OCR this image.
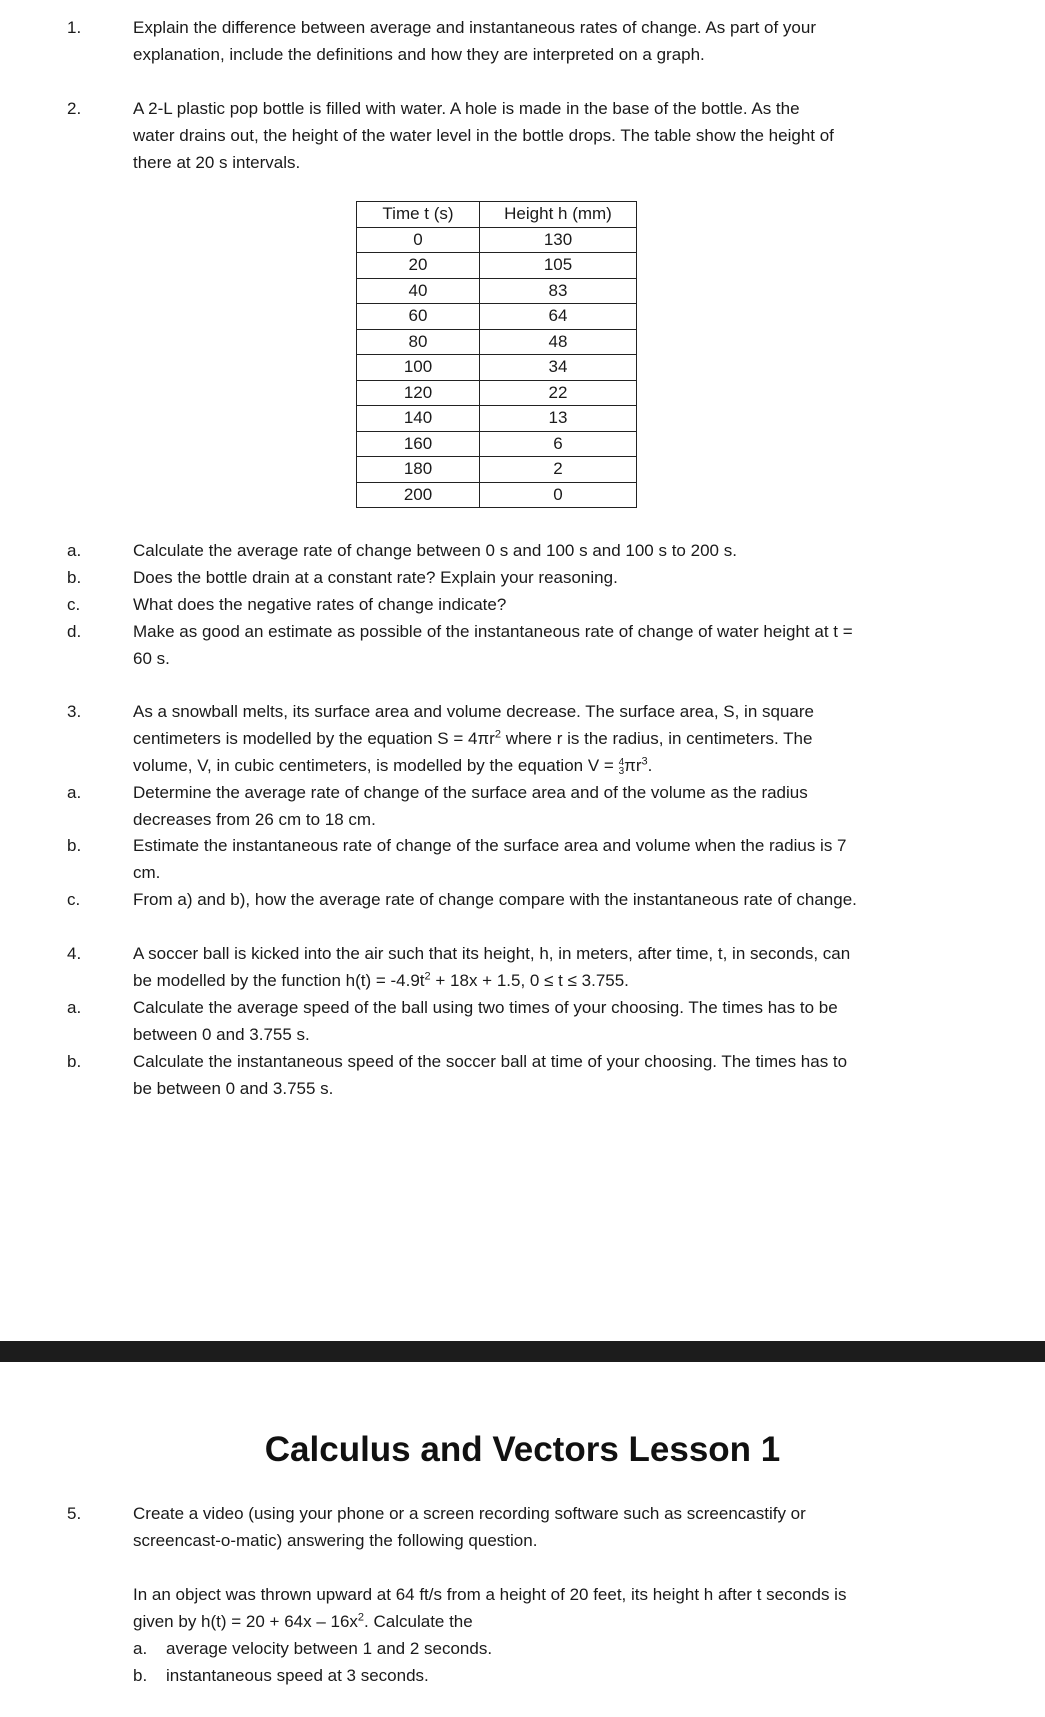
1.	Explain the difference between average and instantaneous rates of change. As part of your
explanation, include the definitions and how they are interpreted on a graph.
2.	A 2-L plastic pop bottle is filled with water. A hole is made in the base of the bottle. As the
water drains out, the height of the water level in the bottle drops. The table show the height of
there at 20 s intervals.
Time t (s)	Height h (mm)
0	130
20	105
40	83
60	64
80	48
100	34
120	22
140	13
160	6
180	2
200	0
a.	Calculate the average rate of change between 0 s and 100 s and 100 s to 200 s.
b.	Does the bottle drain at a constant rate? Explain your reasoning.
c.	What does the negative rates of change indicate?
d.	Make as good an estimate as possible of the instantaneous rate of change of water height at t =
60 s.
3.	As a snowball melts, its surface area and volume decrease. The surface area, S, in square
centimeters is modelled by the equation $S = 4\pi r^2$ where r is the radius, in centimeters. The
volume, V, in cubic centimeters, is modelled by the equation V = 4
$3\pi r^3$.
a.	Determine the average rate of change of the surface area and of the volume as the radius
decreases from 26 cm to 18 cm.
b.	Estimate the instantaneous rate of change of the surface area and volume when the radius is 7
cm.
c.	From a) and b), how the average rate of change compare with the instantaneous rate of change.
4.	A soccer ball is kicked into the air such that its height, h, in meters, after time, t, in seconds, can
be modelled by the function $h(t) = -4.9t^2 + 18x + 1.5$, 0 ≤ t ≤ 3.755.
a.	Calculate the average speed of the ball using two times of your choosing. The times has to be
between 0 and 3.755 s.
b.	Calculate the instantaneous speed of the soccer ball at time of your choosing. The times has to
be between 0 and 3.755 s.
Calculus and Vectors Lesson 1
5.	Create a video (using your phone or a screen recording software such as screencastify or
screencast-o-matic) answering the following question.
In an object was thrown upward at 64 ft/s from a height of 20 feet, its height h after t seconds is
given by $h(t) = 20 + 64x - 16x^2$. Calculate the
a. average velocity between 1 and 2 seconds.
b. instantaneous speed at 3 seconds.
